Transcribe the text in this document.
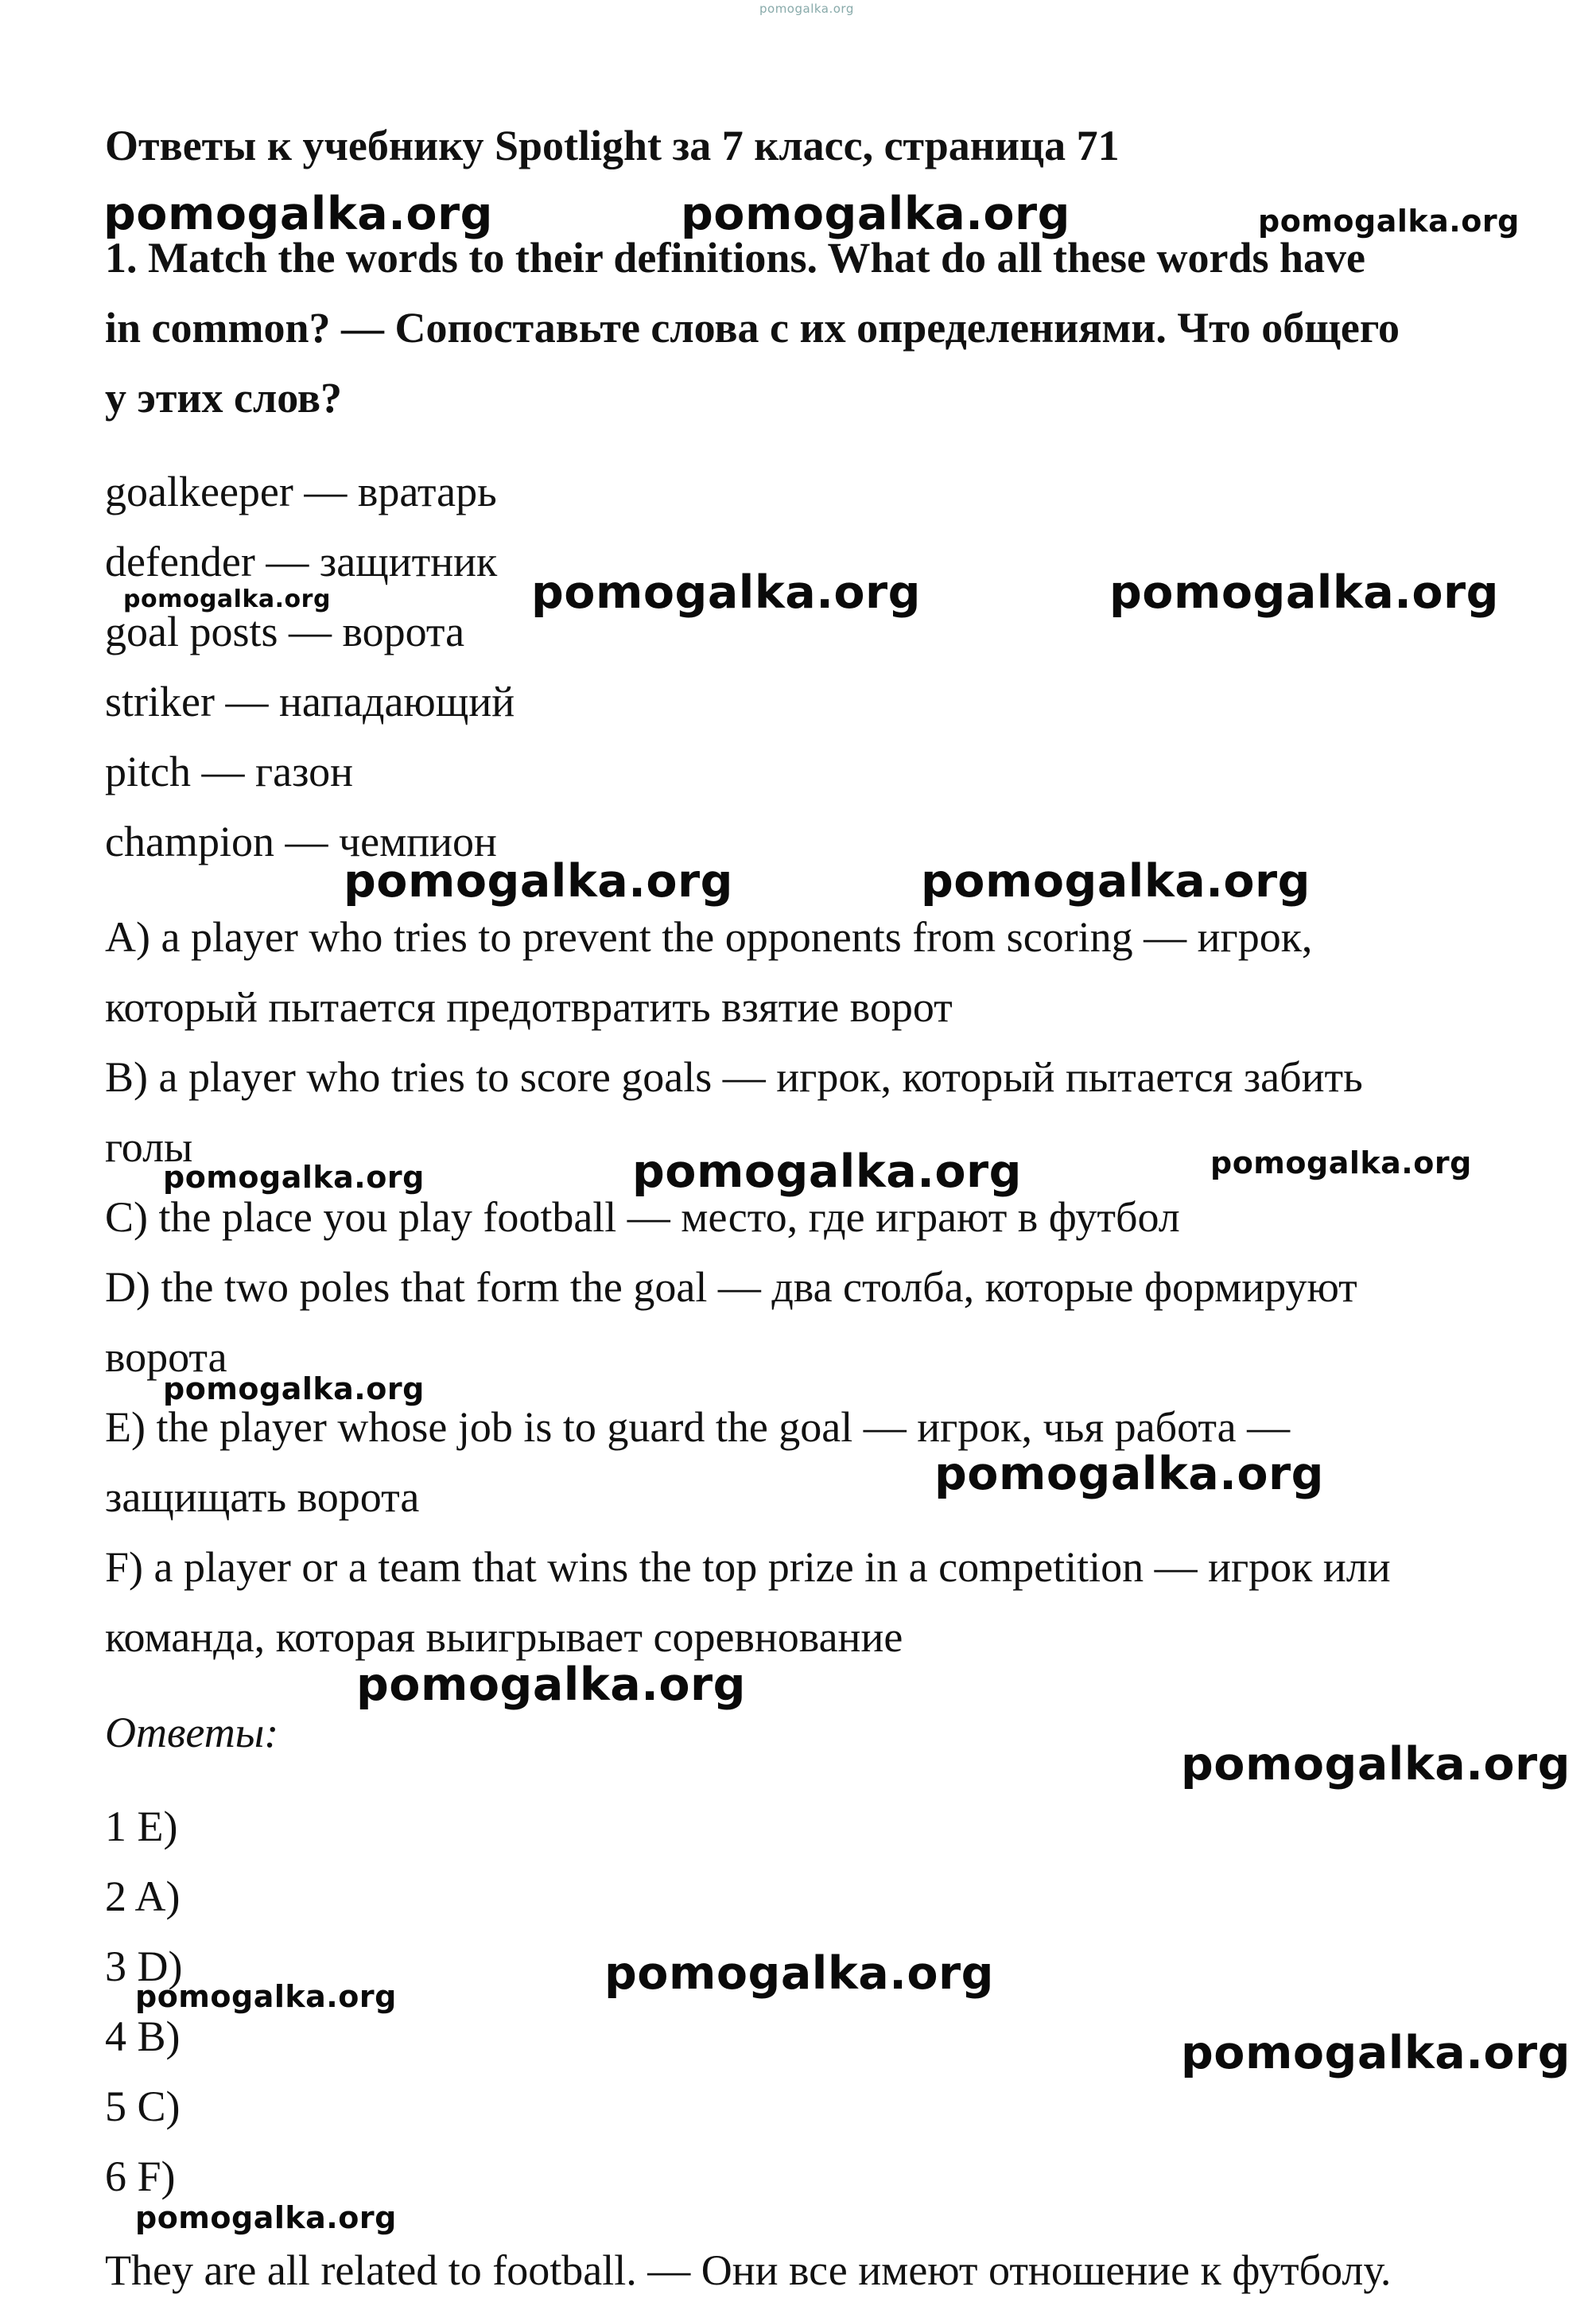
pomogalka.org
Ответы к учебнику Spotlight за 7 класс, страница 71
1. Match the words to their definitions. What do all these words have
in common? — Сопоставьте слова с их определениями. Что общего
у этих слов?
goalkeeper — вратарь
defender — защитник
goal posts — ворота
striker — нападающий
pitch — газон
champion — чемпион
A) a player who tries to prevent the opponents from scoring — игрок,
который пытается предотвратить взятие ворот
B) a player who tries to score goals — игрок, который пытается забить
голы
C) the place you play football — место, где играют в футбол
D) the two poles that form the goal — два столба, которые формируют
ворота
E) the player whose job is to guard the goal — игрок, чья работа —
защищать ворота
F) a player or a team that wins the top prize in a competition — игрок или
команда, которая выигрывает соревнование
Ответы:
1 E)
2 A)
3 D)
4 B)
5 C)
6 F)
They are all related to football. — Они все имеют отношение к футболу.
pomogalka.org	pomogalka.org	pomogalka.org
pomogalka.org	pomogalka.org	pomogalka.org
pomogalka.org	pomogalka.org
pomogalka.org	pomogalka.org	pomogalka.org
pomogalka.org
pomogalka.org
pomogalka.org
pomogalka.org
pomogalka.org
pomogalka.org
pomogalka.org
pomogalka.org
